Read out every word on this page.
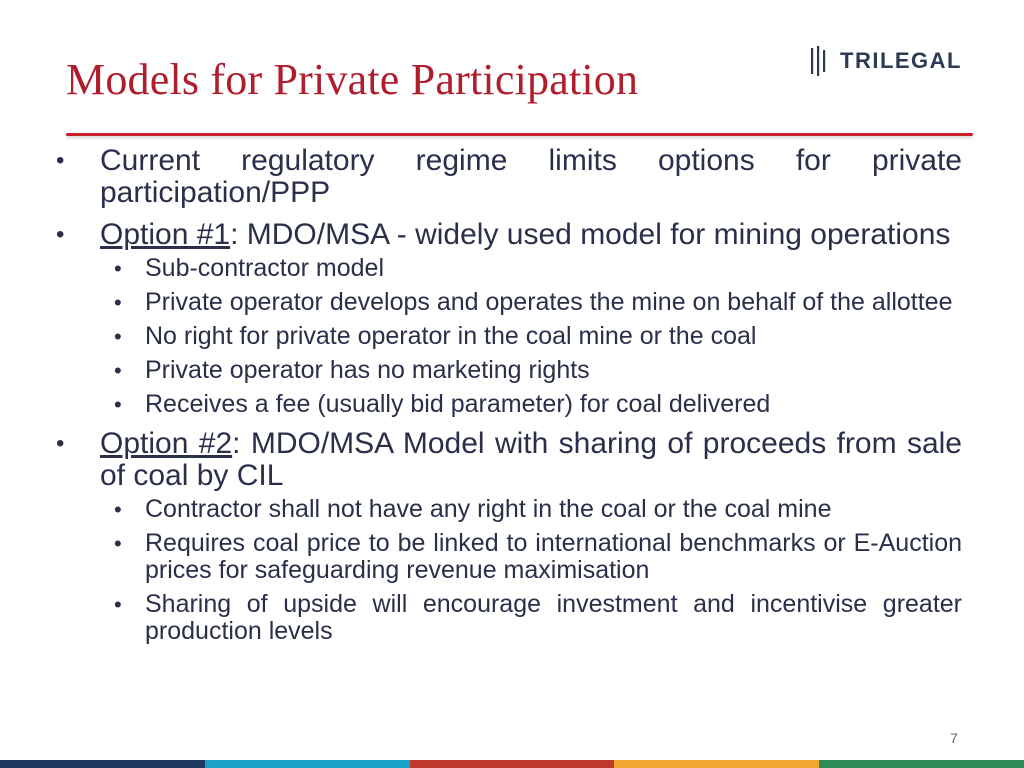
Models for Private Participation	TRILEGAL
• Current regulatory regime limits options for private participation/PPP
• Option #1: MDO/MSA - widely used model for mining operations
• Sub-contractor model
• Private operator develops and operates the mine on behalf of the allottee
• No right for private operator in the coal mine or the coal
• Private operator has no marketing rights
• Receives a fee (usually bid parameter) for coal delivered
• Option #2: MDO/MSA Model with sharing of proceeds from sale of coal by CIL
• Contractor shall not have any right in the coal or the coal mine
• Requires coal price to be linked to international benchmarks or E-Auction prices for safeguarding revenue maximisation
• Sharing of upside will encourage investment and incentivise greater production levels
7
